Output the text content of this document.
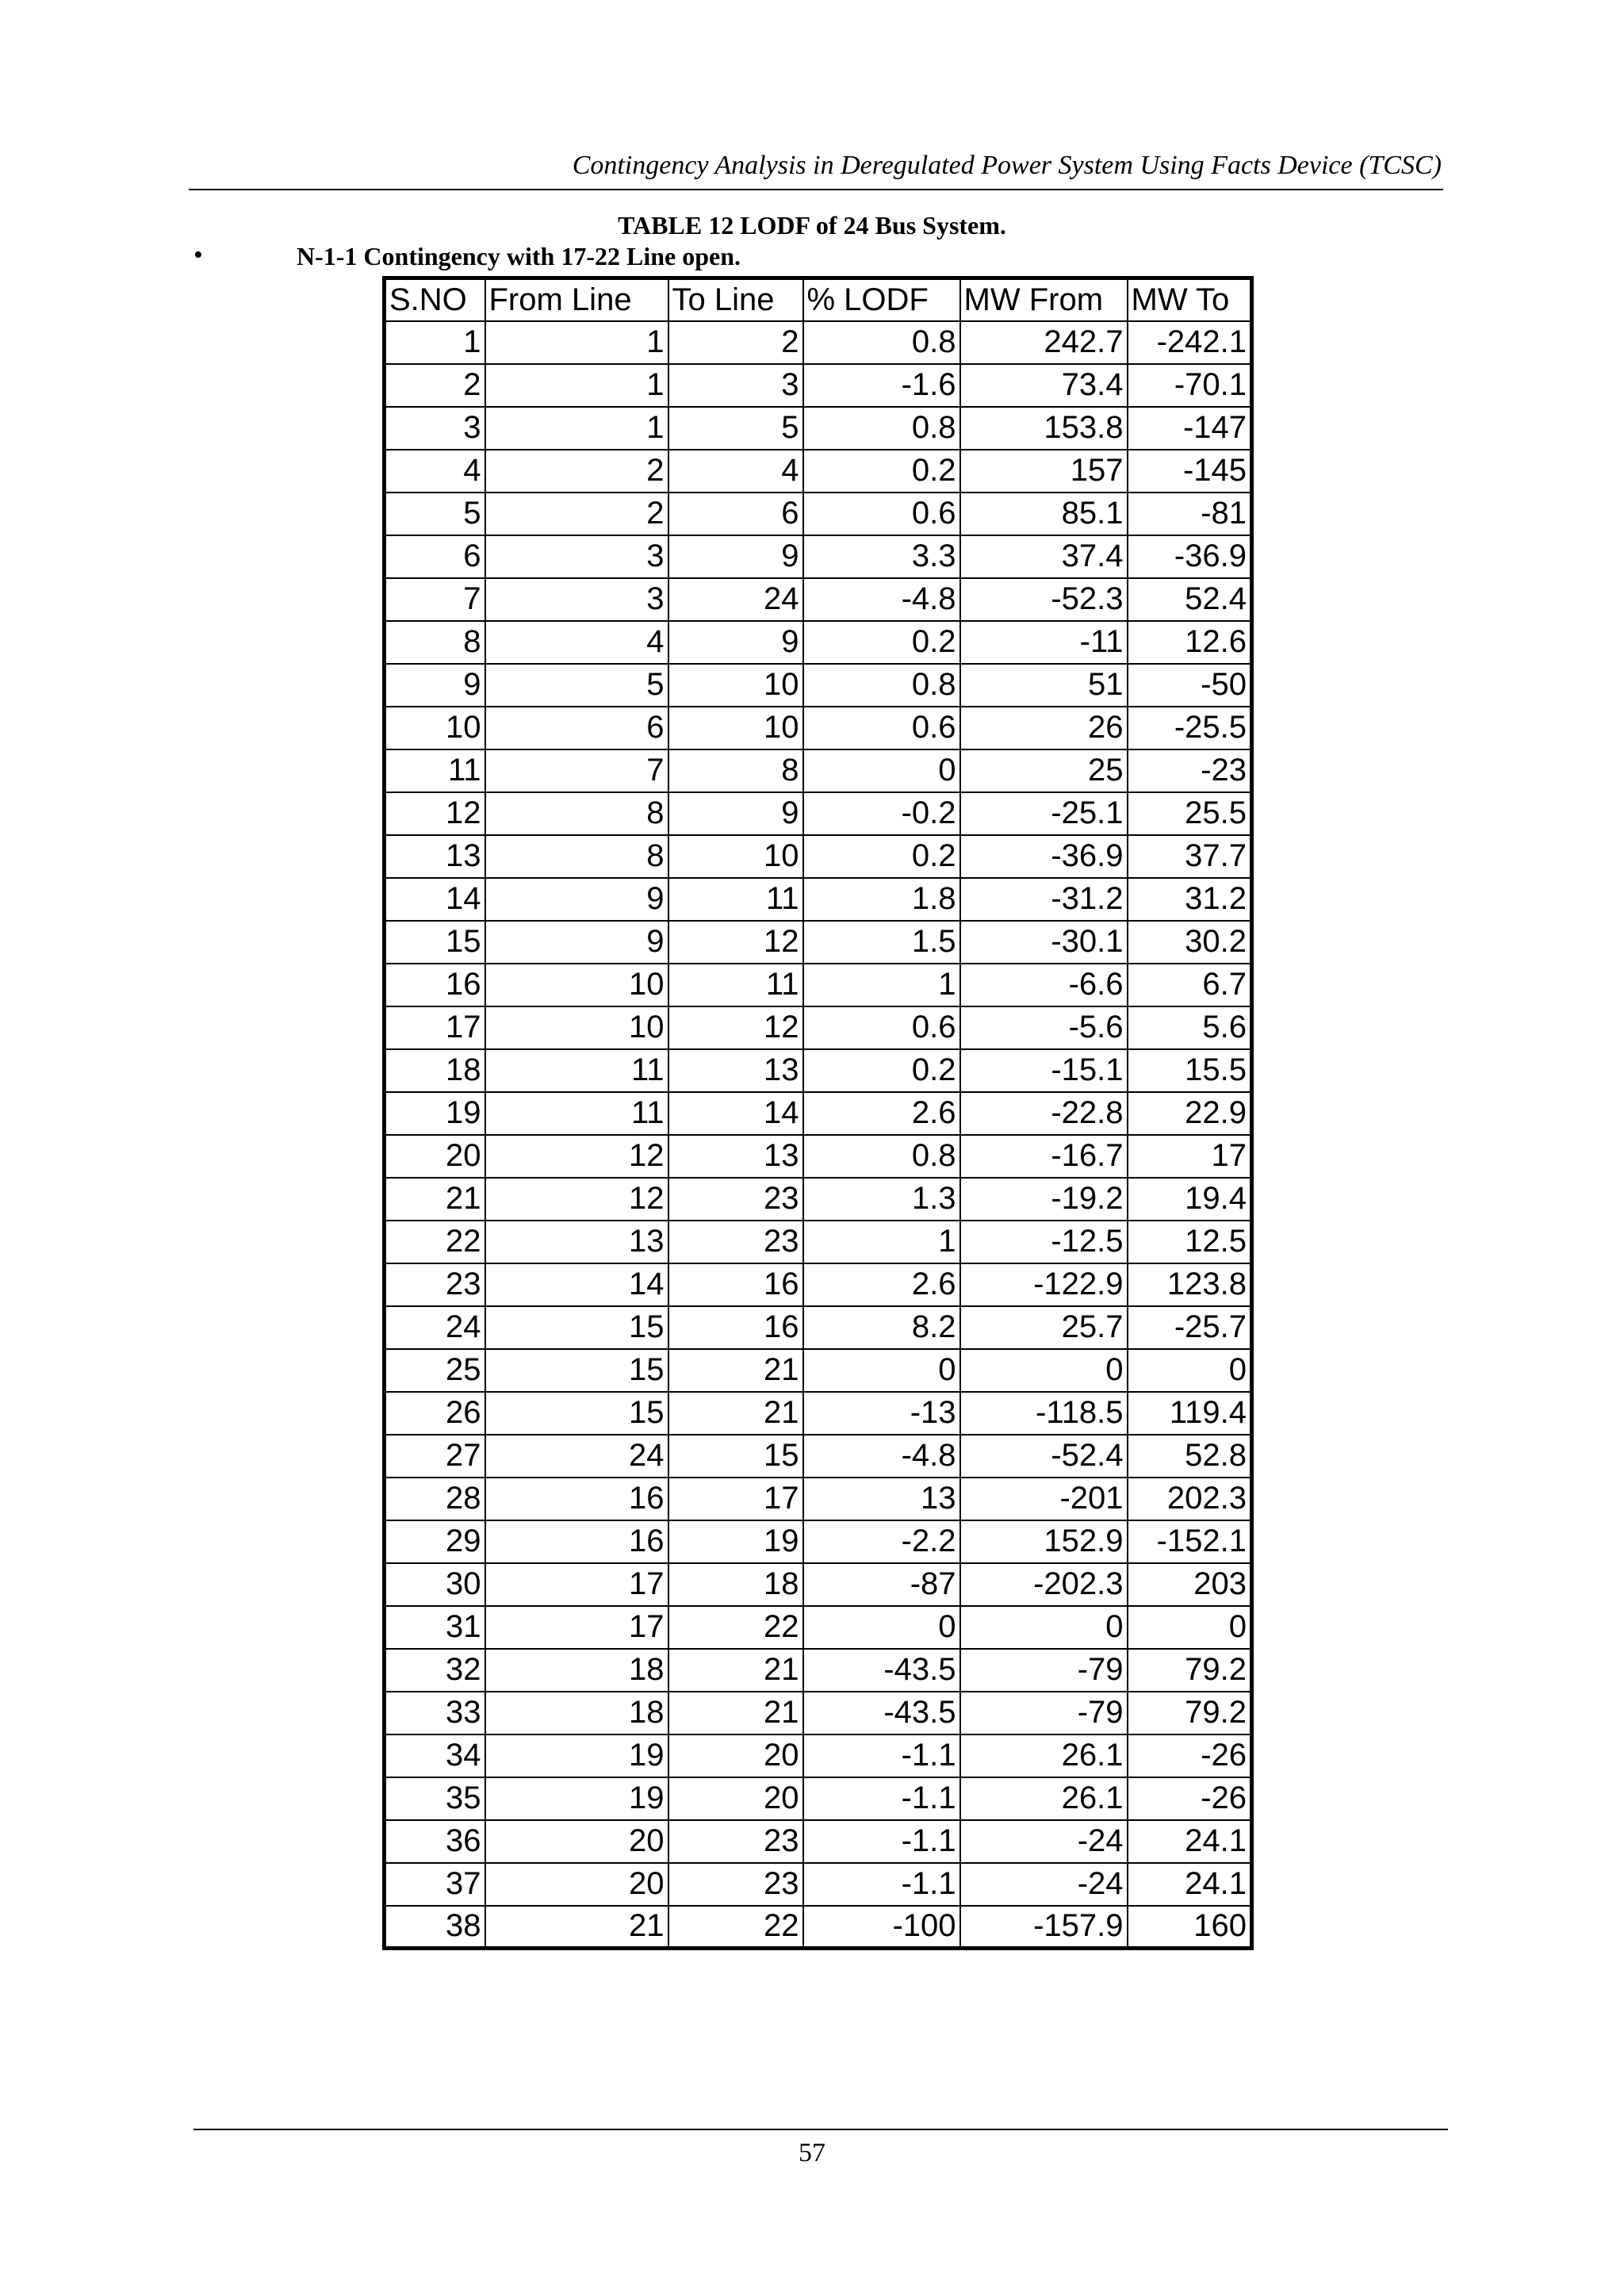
Contingency Analysis in Deregulated Power System Using Facts Device (TCSC)
TABLE 12 LODF of 24 Bus System.
•	N-1-1 Contingency with 17-22 Line open.
S.NO	From Line	To Line	% LODF	MW From	MW To
1	1	2	0.8	242.7	-242.1
2	1	3	-1.6	73.4	-70.1
3	1	5	0.8	153.8	-147
4	2	4	0.2	157	-145
5	2	6	0.6	85.1	-81
6	3	9	3.3	37.4	-36.9
7	3	24	-4.8	-52.3	52.4
8	4	9	0.2	-11	12.6
9	5	10	0.8	51	-50
10	6	10	0.6	26	-25.5
11	7	8	0	25	-23
12	8	9	-0.2	-25.1	25.5
13	8	10	0.2	-36.9	37.7
14	9	11	1.8	-31.2	31.2
15	9	12	1.5	-30.1	30.2
16	10	11	1	-6.6	6.7
17	10	12	0.6	-5.6	5.6
18	11	13	0.2	-15.1	15.5
19	11	14	2.6	-22.8	22.9
20	12	13	0.8	-16.7	17
21	12	23	1.3	-19.2	19.4
22	13	23	1	-12.5	12.5
23	14	16	2.6	-122.9	123.8
24	15	16	8.2	25.7	-25.7
25	15	21	0	0	0
26	15	21	-13	-118.5	119.4
27	24	15	-4.8	-52.4	52.8
28	16	17	13	-201	202.3
29	16	19	-2.2	152.9	-152.1
30	17	18	-87	-202.3	203
31	17	22	0	0	0
32	18	21	-43.5	-79	79.2
33	18	21	-43.5	-79	79.2
34	19	20	-1.1	26.1	-26
35	19	20	-1.1	26.1	-26
36	20	23	-1.1	-24	24.1
37	20	23	-1.1	-24	24.1
38	21	22	-100	-157.9	160
57
